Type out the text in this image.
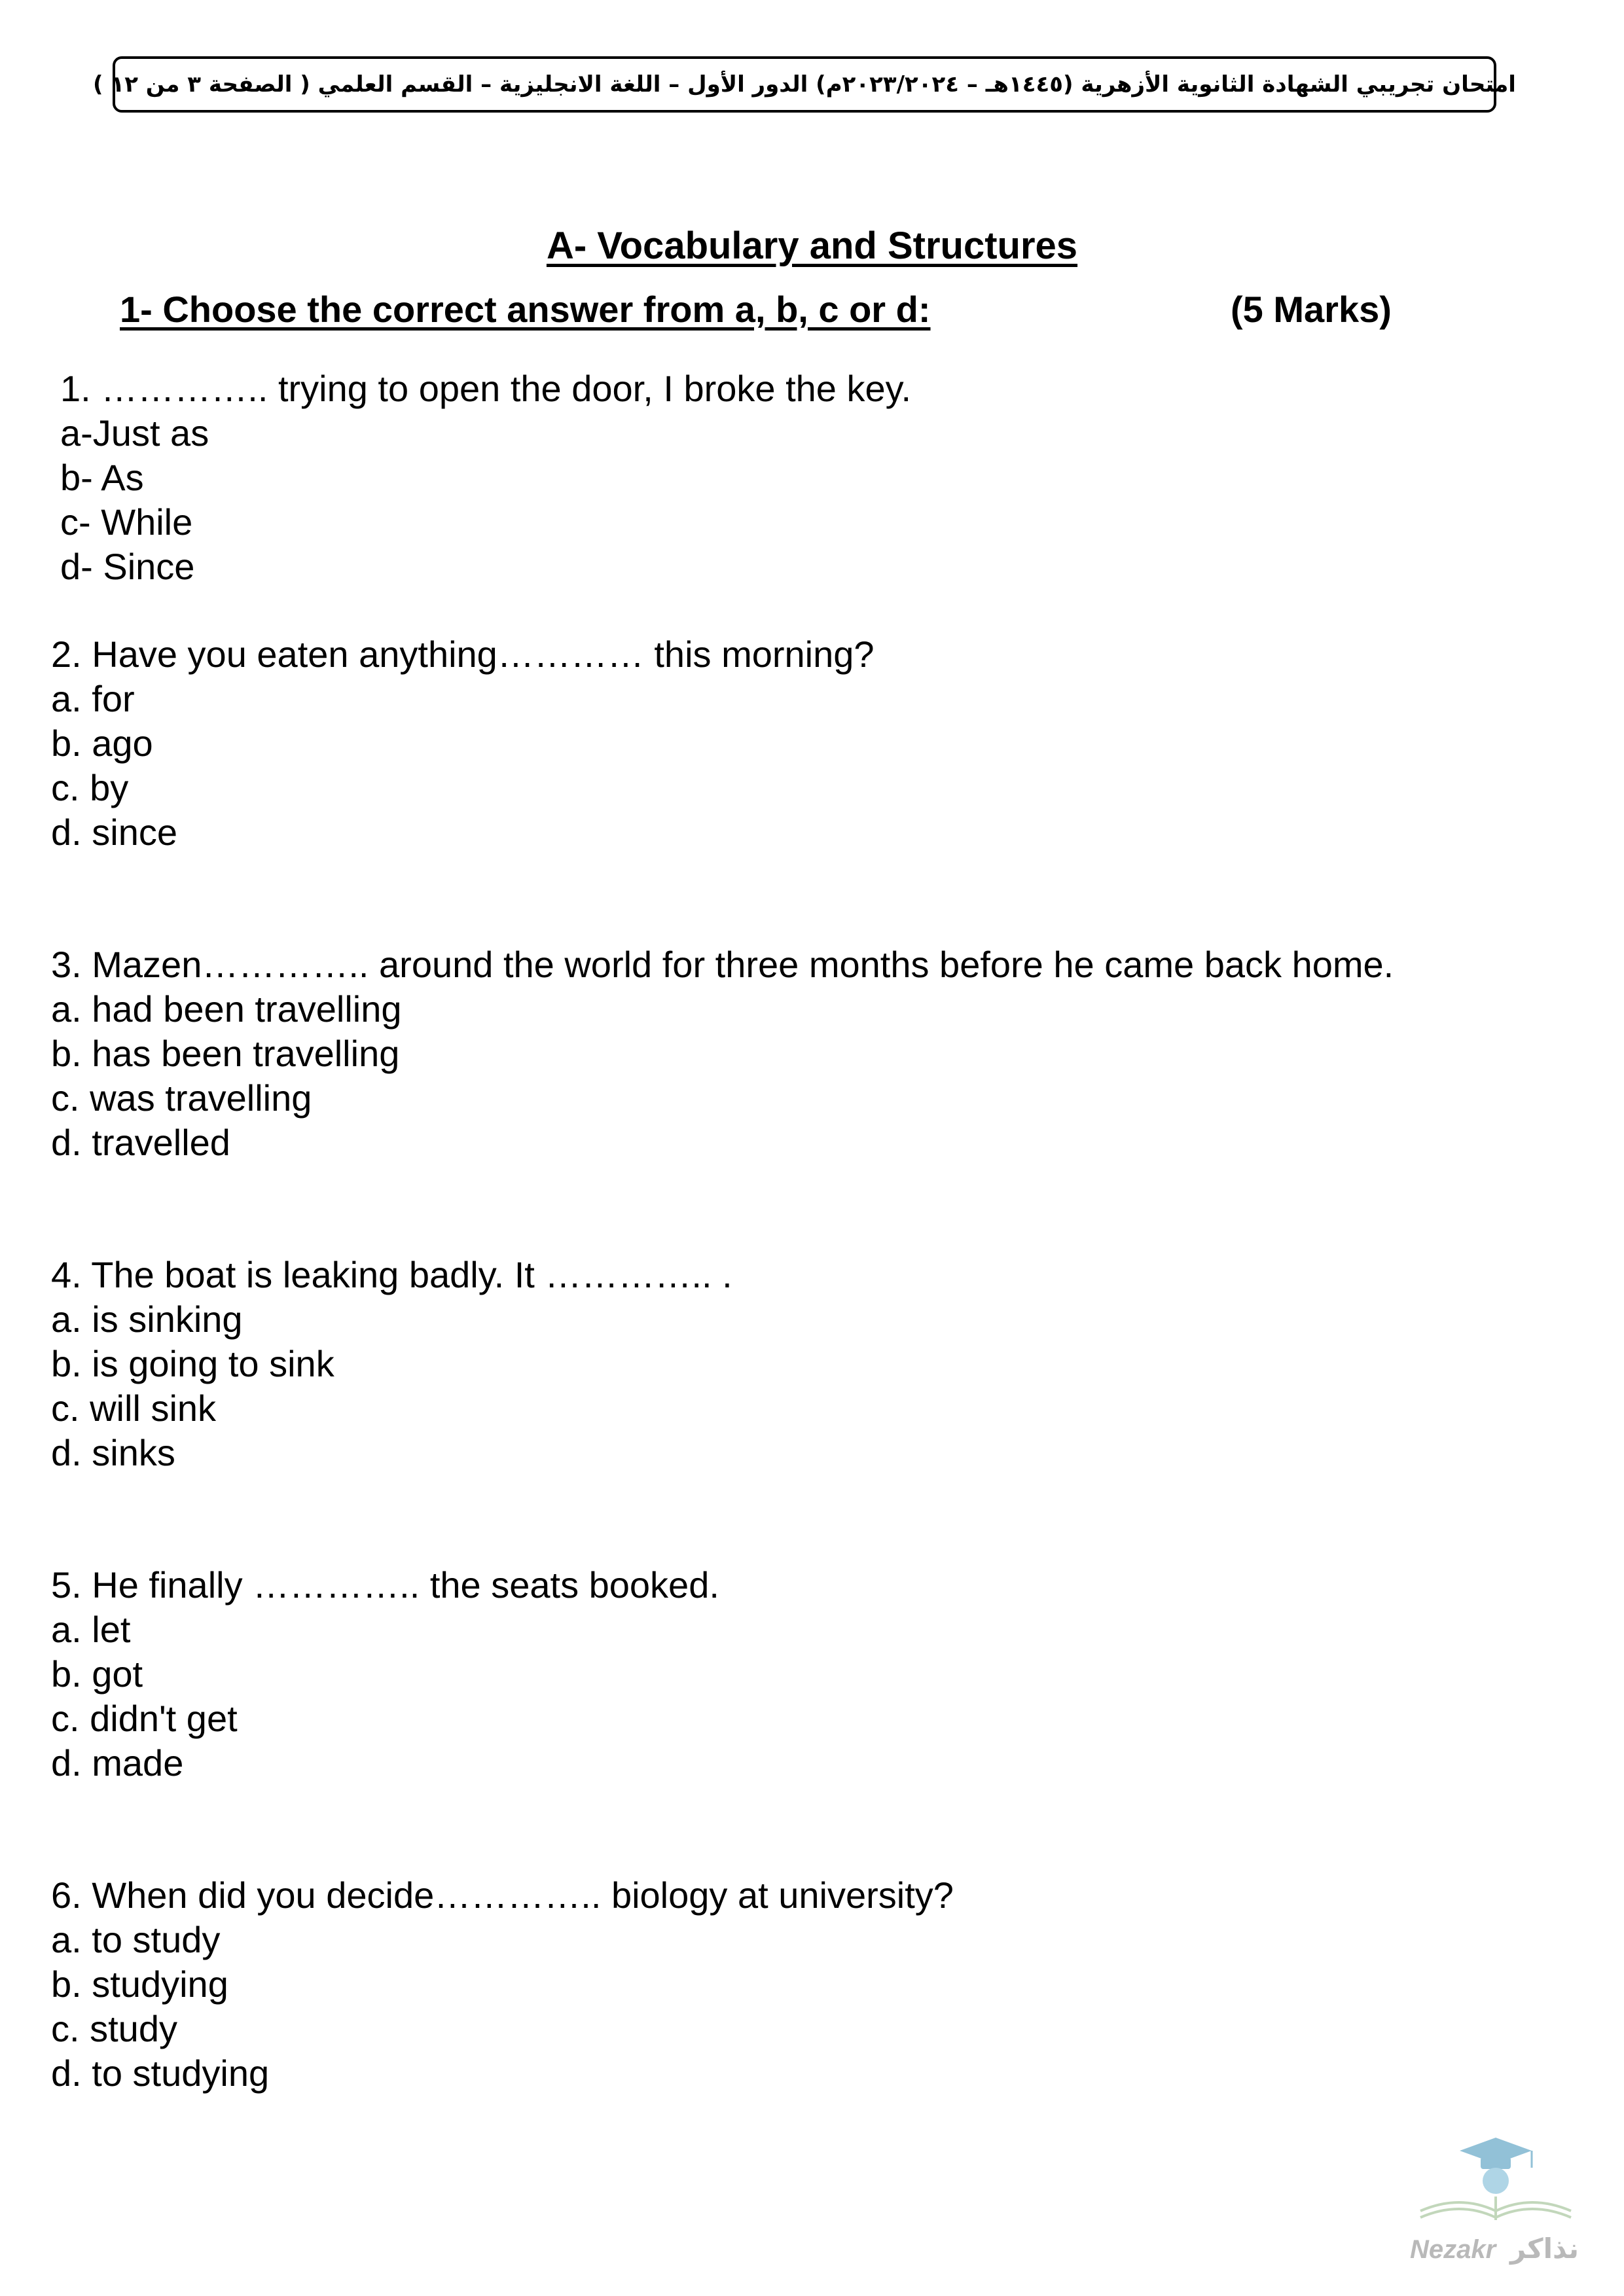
امتحان تجريبي الشهادة الثانوية الأزهرية (١٤٤٥هـ – ٢٠٢٣/٢٠٢٤م) الدور الأول – اللغة الانجليزية – القسم العلمي ( الصفحة ٣ من ١٢ )
A- Vocabulary and Structures
1- Choose the correct answer from a, b, c or d:	(5 Marks)

1. ………….. trying to open the door, I broke the key.

a-Just as
b- As
c- While
d- Since

2. Have you eaten anything………… this morning?

a. for
b. ago
c. by
d. since

3. Mazen………….. around the world for three months before he came back home.

a. had been travelling
b. has been travelling
c. was travelling
d. travelled

4. The boat is leaking badly. It ………….. .

a. is sinking
b. is going to sink
c. will sink
d. sinks

5. He finally ………….. the seats booked.

a. let
b. got
c. didn't get
d. made

6. When did you decide………….. biology at university?

a. to study
b. studying
c. study
d. to studying
Nezakr نذاكر
